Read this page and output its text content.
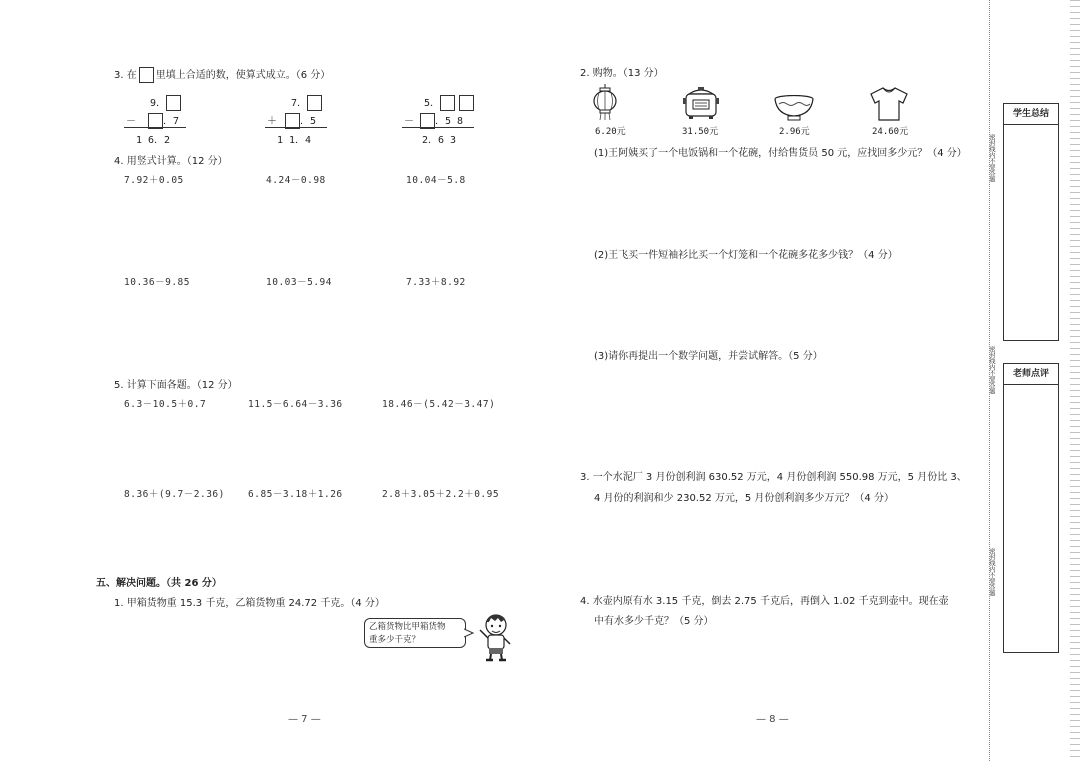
3. 在 里填上合适的数，使算式成立。（6 分）
9．
－	．7
1 6．2
7．
＋	．5
1 1．4
5．
－	．5 8
2．6 3
4. 用竖式计算。（12 分）
7.92＋0.05	4.24－0.98	10.04－5.8
10.36－9.85	10.03－5.94	7.33＋8.92
5. 计算下面各题。（12 分）
6.3－10.5＋0.7	11.5－6.64－3.36	18.46－(5.42－3.47)
8.36＋(9.7－2.36) 6.85－3.18＋1.26	2.8＋3.05＋2.2＋0.95
五、解决问题。（共 26 分）
1. 甲箱货物重 15.3 千克，乙箱货物重 24.72 千克。（4 分）
乙箱货物比甲箱货物
重多少千克？
— 7 —
2. 购物。（13 分）
6.20元	31.50元	2.96元	24.60元
(1)王阿姨买了一个电饭锅和一个花碗，付给售货员 50 元，应找回多少元？（4 分）
(2)王飞买一件短袖衫比买一个灯笼和一个花碗多花多少钱？（4 分）
(3)请你再提出一个数学问题，并尝试解答。（5 分）
3. 一个水泥厂 3 月份创利润 630.52 万元，4 月份创利润 550.98 万元，5 月份比 3、
4 月份的利润和少 230.52 万元，5 月份创利润多少万元？（4 分）
4. 水壶内原有水 3.15 千克，倒去 2.75 千克后，再倒入 1.02 千克到壶中。现在壶
中有水多少千克？（5 分）
— 8 —
密封线内不要答题
密封线内不要答题
密封线内不要答题
学生总结
老师点评
